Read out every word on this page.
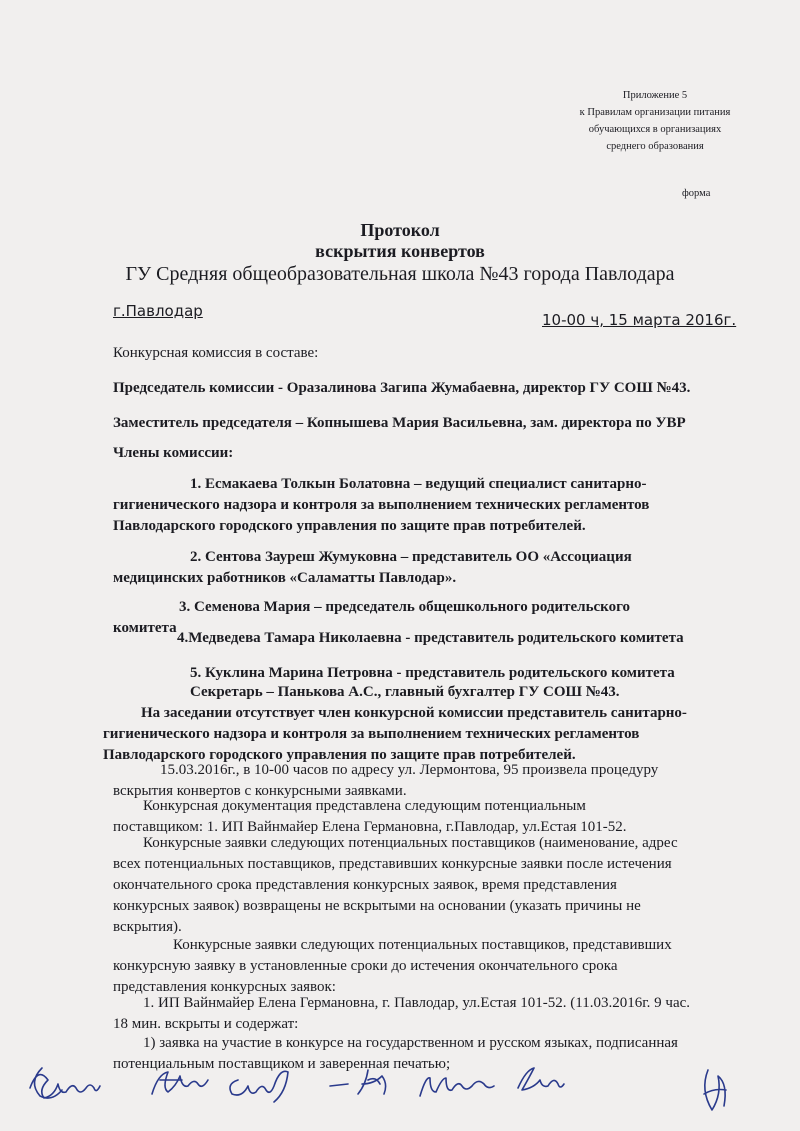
Приложение 5
к Правилам организации питания
обучающихся в организациях
среднего образования
форма
Протокол
вскрытия конвертов
ГУ Средняя общеобразовательная школа №43 города Павлодара
г.Павлодар	10-00 ч, 15 марта 2016г.
Конкурсная комиссия в составе:
Председатель комиссии - Оразалинова Загипа Жумабаевна, директор ГУ СОШ №43.
Заместитель председателя – Копнышева Мария Васильевна, зам. директора по УВР
Члены комиссии:
1. Есмакаева Толкын Болатовна – ведущий специалист санитарно-
гигиенического надзора и контроля за выполнением технических регламентов
Павлодарского городского управления по защите прав потребителей.
2. Сентова Зауреш Жумуковна – представитель ОО «Ассоциация
медицинских работников «Саламатты Павлодар».
3. Семенова Мария – председатель общешкольного родительского
комитета
4.Медведева Тамара Николаевна - представитель родительского комитета
5. Куклина Марина Петровна - представитель родительского комитета
Секретарь – Панькова А.С., главный бухгалтер ГУ СОШ №43.
На заседании отсутствует член конкурсной комиссии представитель санитарно-
гигиенического надзора и контроля за выполнением технических регламентов
Павлодарского городского управления по защите прав потребителей.
15.03.2016г., в 10-00 часов по адресу ул. Лермонтова, 95 произвела процедуру
вскрытия конвертов с конкурсными заявками.
Конкурсная документация представлена следующим потенциальным
поставщиком: 1. ИП Вайнмайер Елена Германовна, г.Павлодар, ул.Естая 101-52.
Конкурсные заявки следующих потенциальных поставщиков (наименование, адрес
всех потенциальных поставщиков, представивших конкурсные заявки после истечения
окончательного срока представления конкурсных заявок, время представления
конкурсных заявок) возвращены не вскрытыми на основании (указать причины не
вскрытия).
Конкурсные заявки следующих потенциальных поставщиков, представивших
конкурсную заявку в установленные сроки до истечения окончательного срока
представления конкурсных заявок:
1. ИП Вайнмайер Елена Германовна, г. Павлодар, ул.Естая 101-52. (11.03.2016г. 9 час.
18 мин. вскрыты и содержат:
1) заявка на участие в конкурсе на государственном и русском языках, подписанная
потенциальным поставщиком и заверенная печатью;
